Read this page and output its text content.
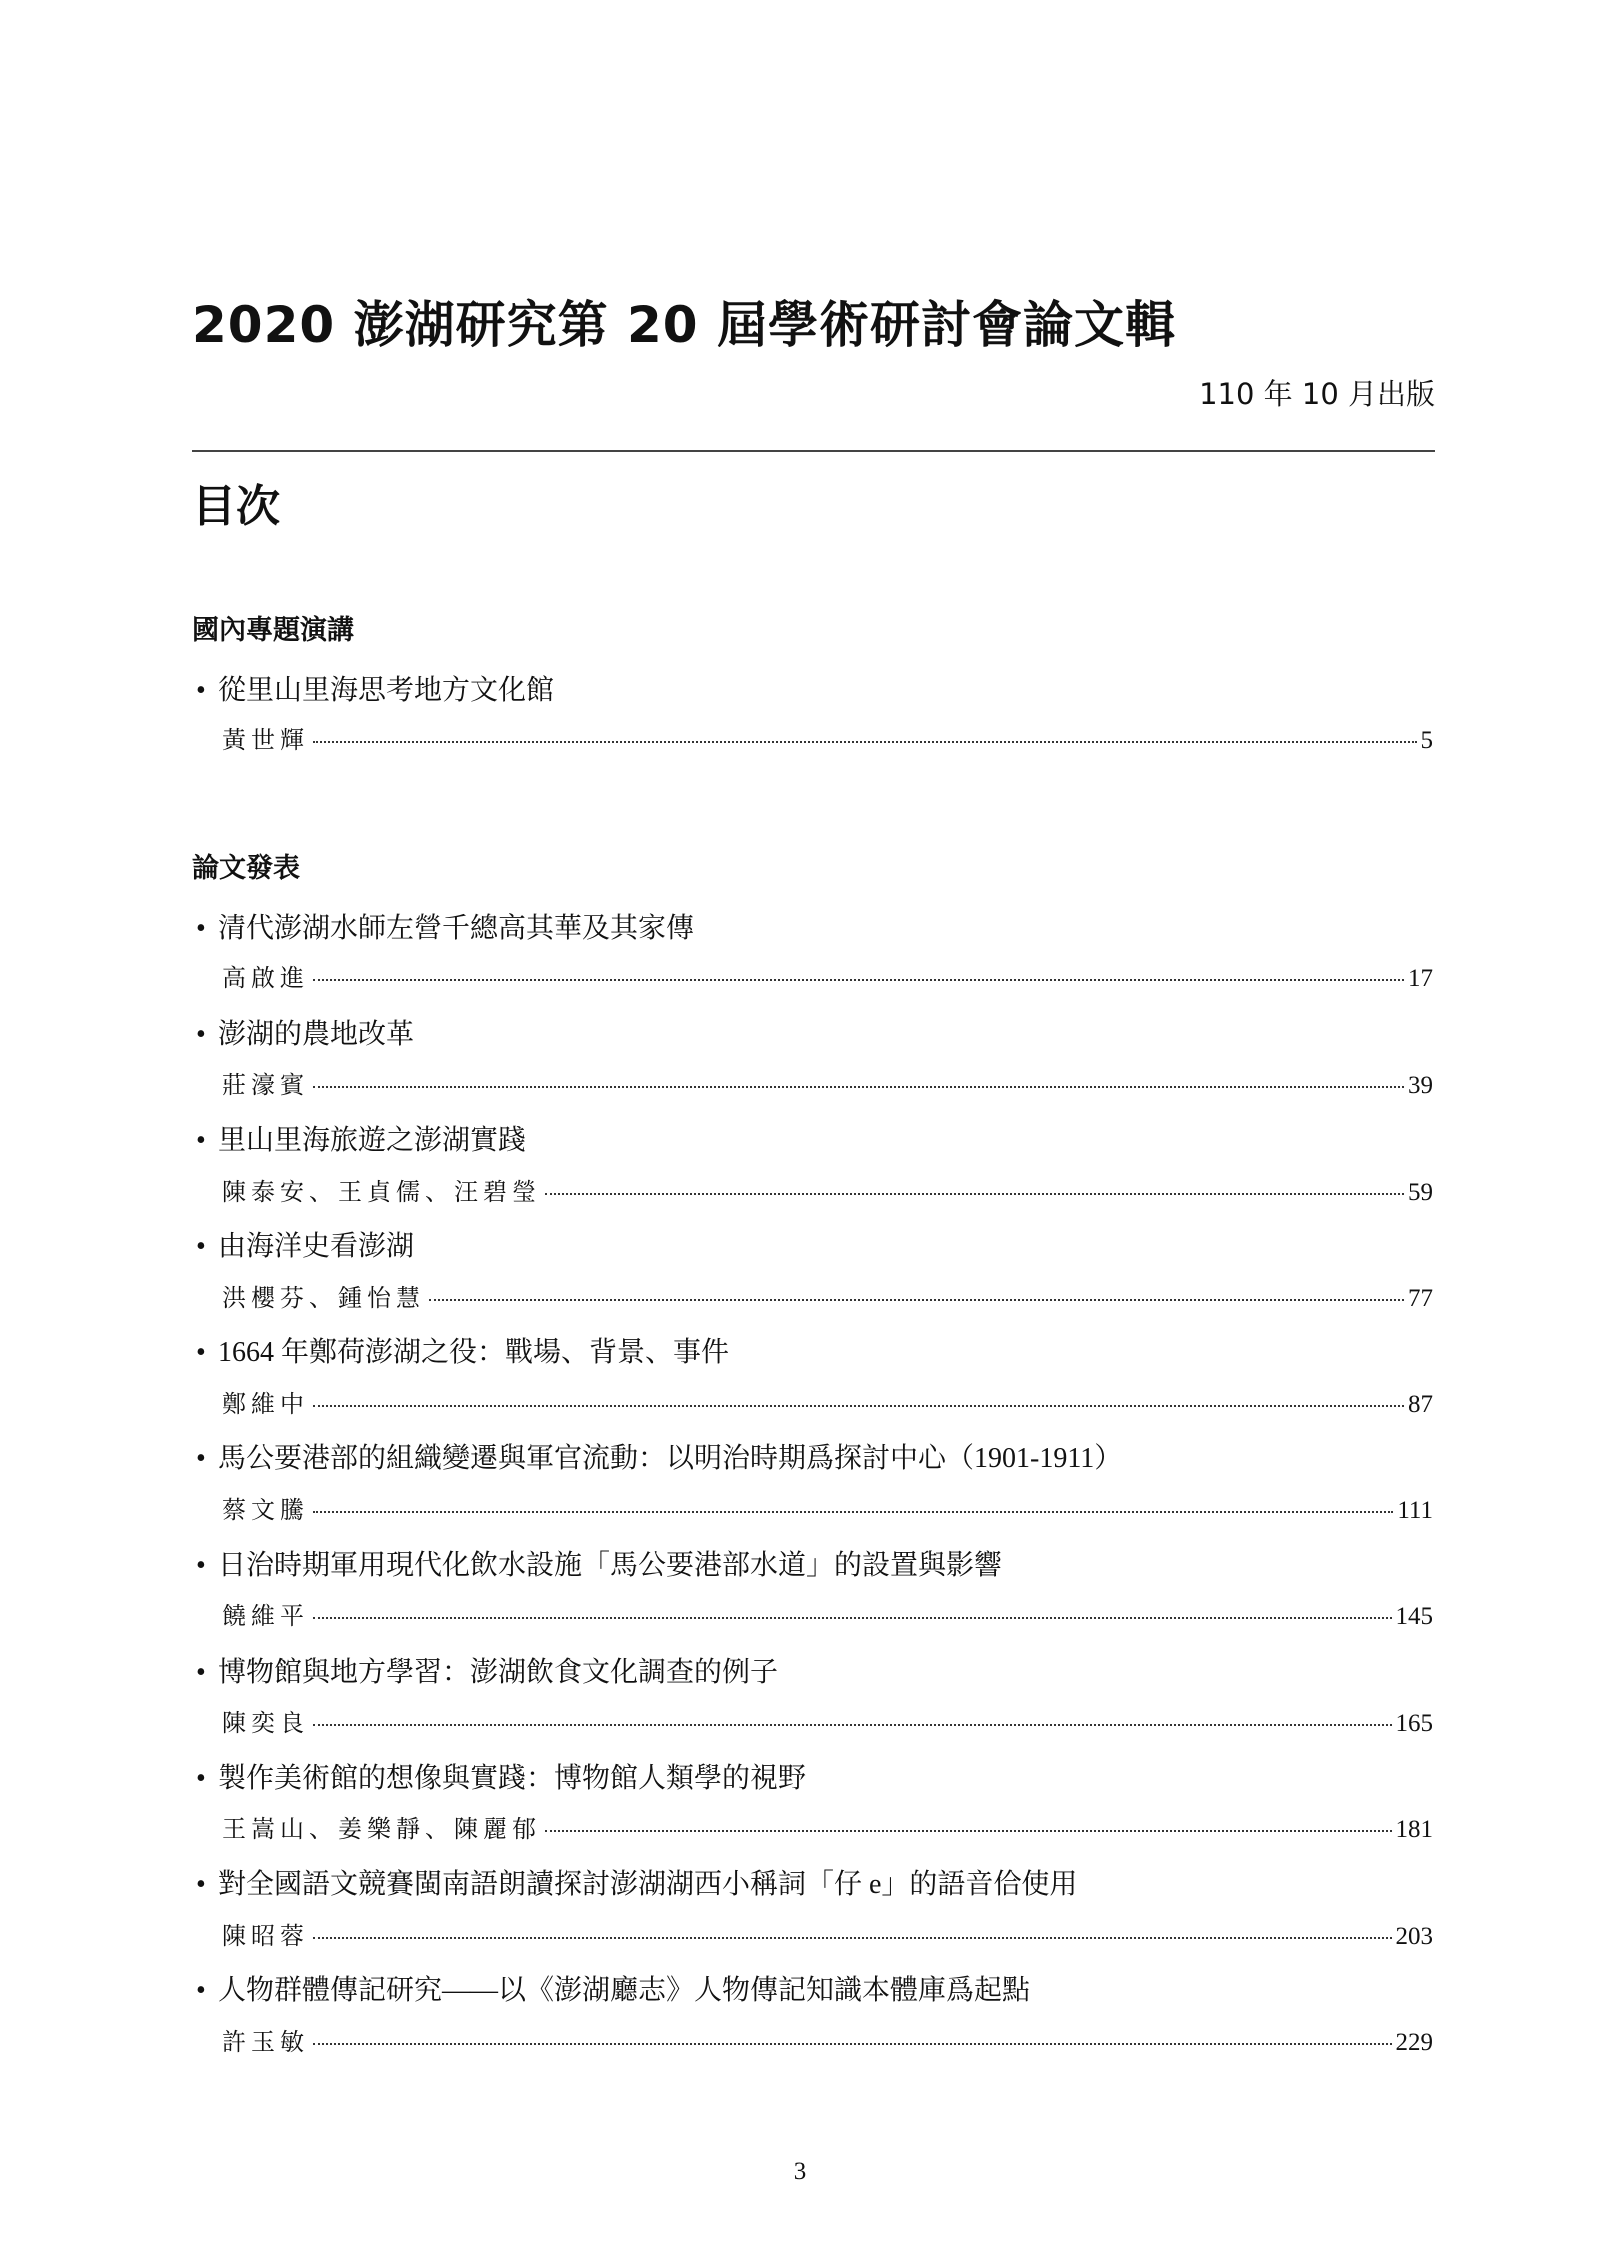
2020 澎湖研究第 20 屆學術研討會論文輯
110 年 10 月出版
目次
國內專題演講
• 從里山里海思考地方文化館
黃世輝	5
論文發表
• 清代澎湖水師左營千總高其華及其家傳
高啟進	17
• 澎湖的農地改革
莊濠賓	39
• 里山里海旅遊之澎湖實踐
陳泰安、王貞儒、汪碧瑩	59
• 由海洋史看澎湖
洪櫻芬、鍾怡慧	77
• 1664 年鄭荷澎湖之役：戰場、背景、事件
鄭維中	87
• 馬公要港部的組織變遷與軍官流動：以明治時期爲探討中心（1901-1911）
蔡文騰	111
• 日治時期軍用現代化飲水設施「馬公要港部水道」的設置與影響
饒維平	145
• 博物館與地方學習：澎湖飲食文化調查的例子
陳奕良	165
• 製作美術館的想像與實踐：博物館人類學的視野
王嵩山、姜樂靜、陳麗郁	181
• 對全國語文競賽閩南語朗讀探討澎湖湖西小稱詞「仔 e」的語音佮使用
陳昭蓉	203
• 人物群體傳記研究——以《澎湖廳志》人物傳記知識本體庫爲起點
許玉敏	229
3
